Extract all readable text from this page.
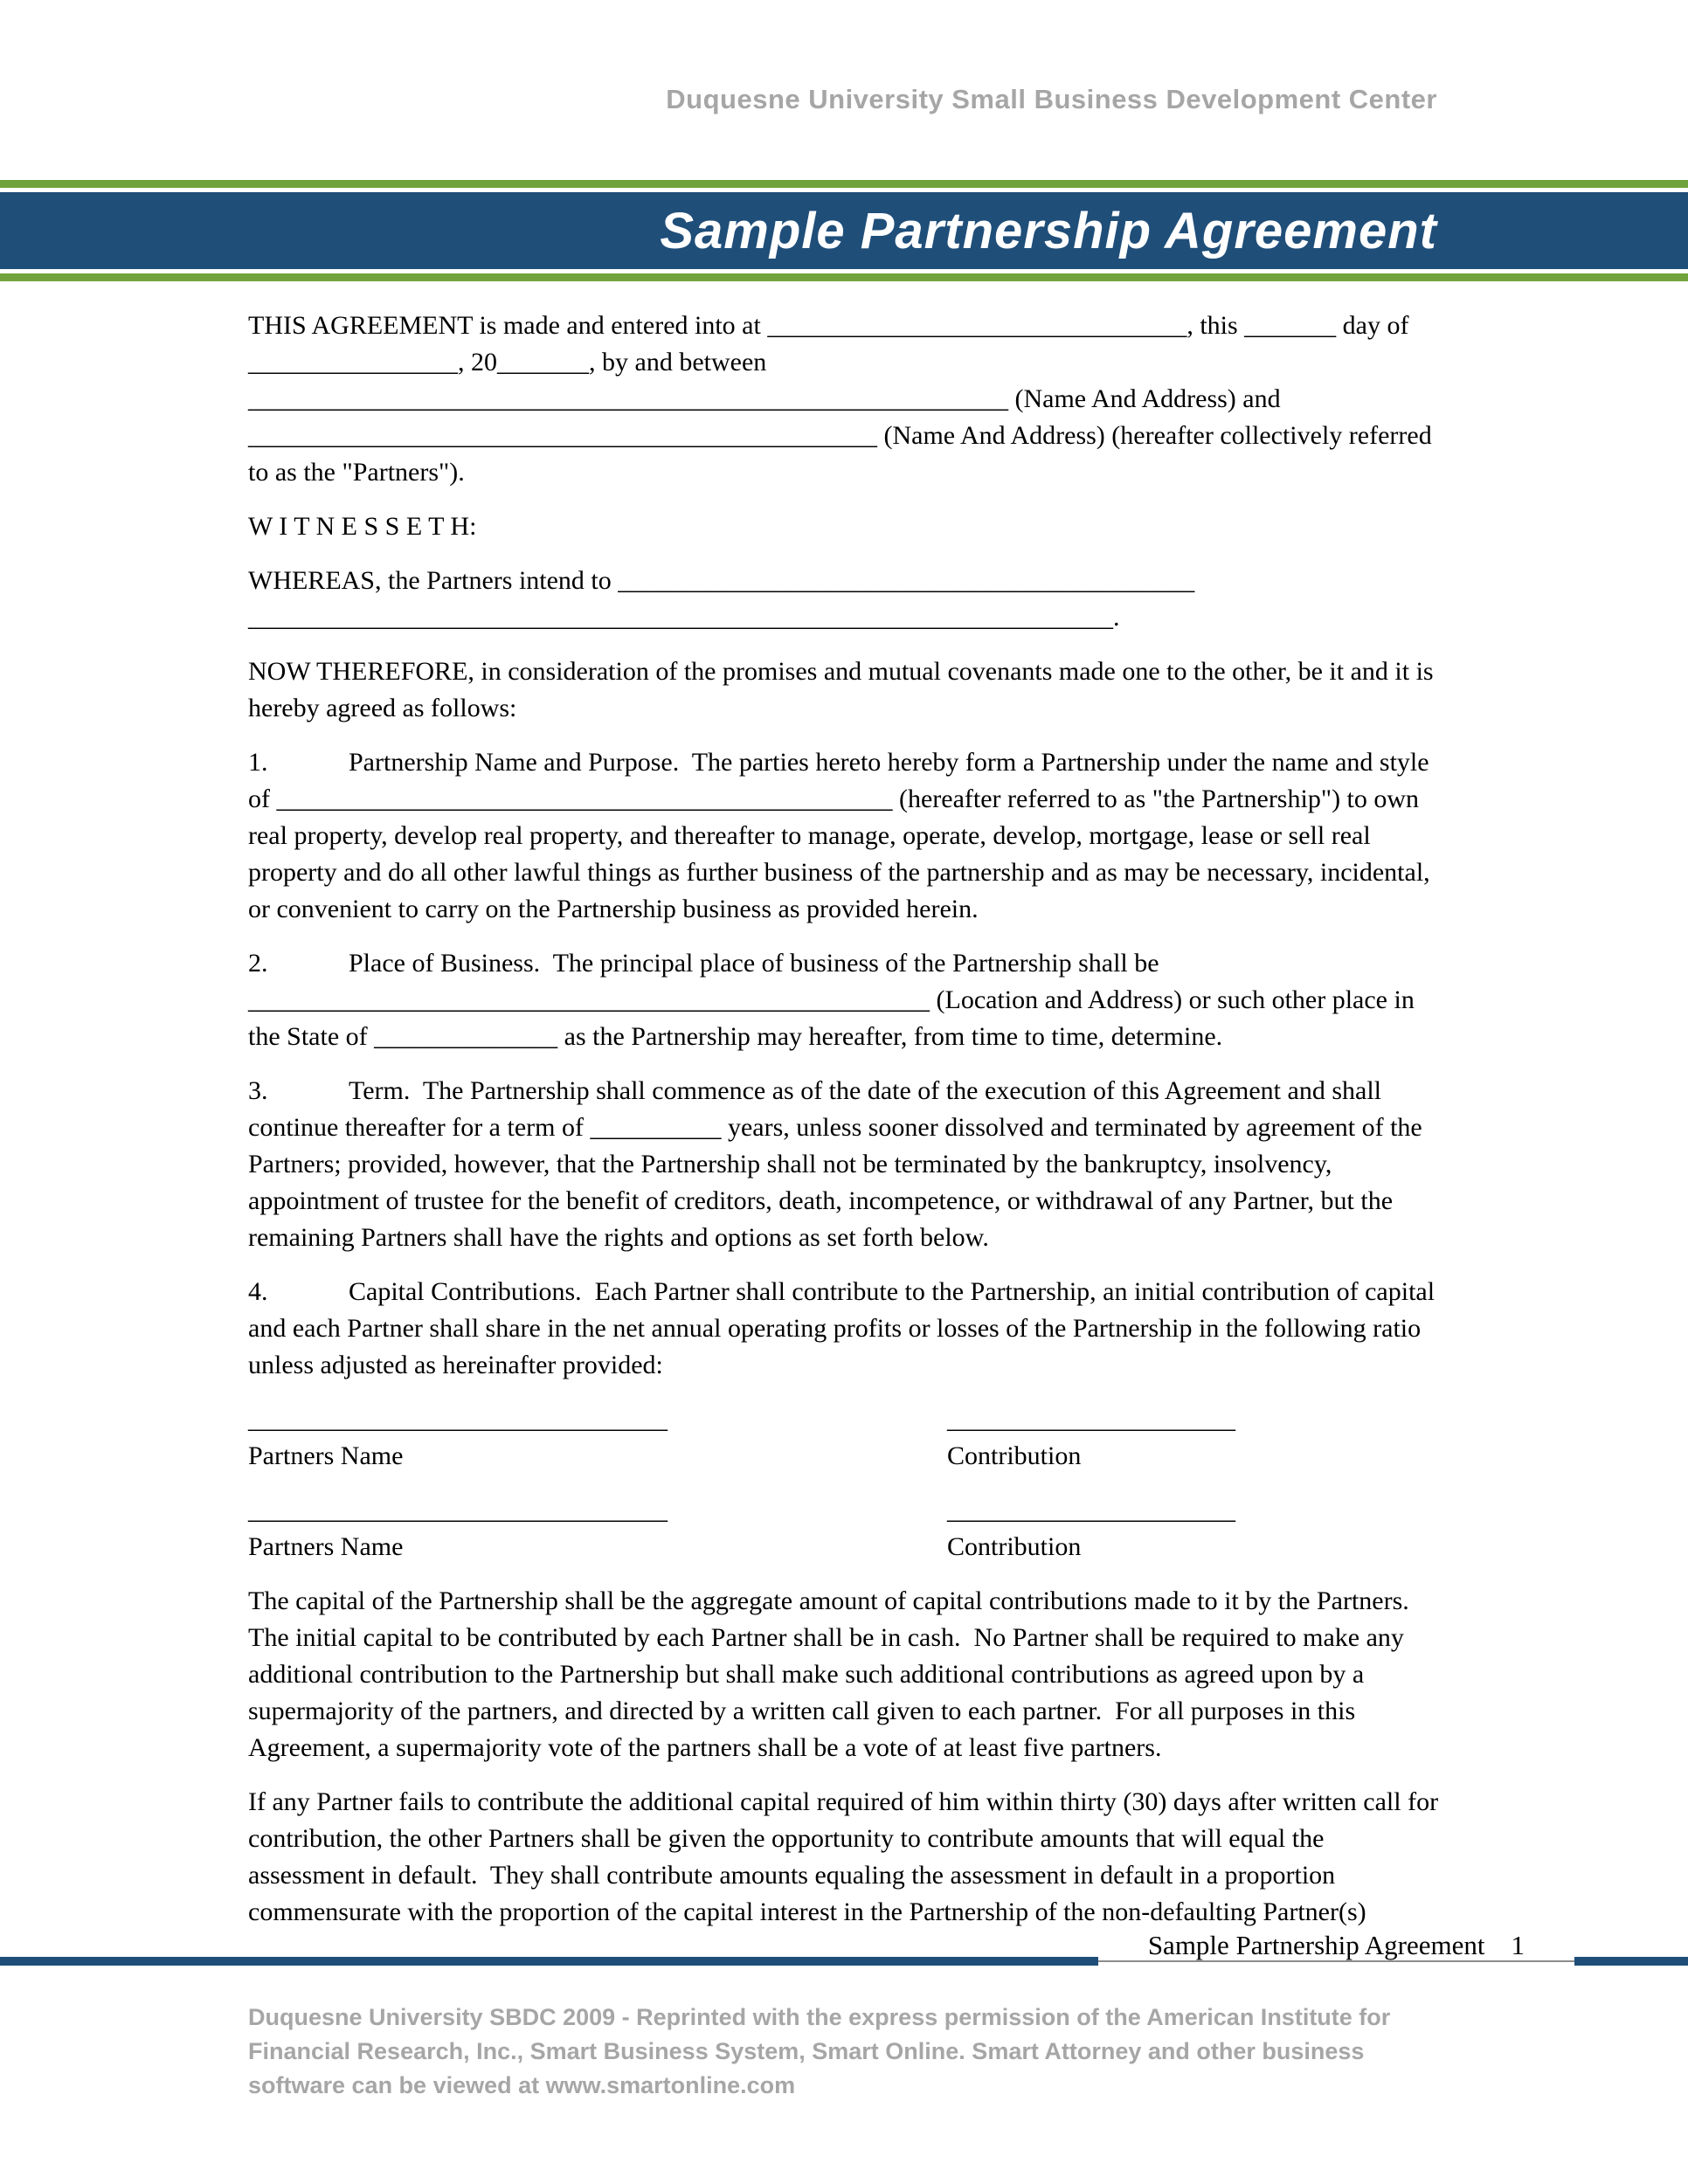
Duquesne University Small Business Development Center
Sample Partnership Agreement

THIS AGREEMENT is made and entered into at ________________________________, this _______ day of ________________, 20_______, by and between __________________________________________________________ (Name And Address) and ________________________________________________ (Name And Address) (hereafter collectively referred to as the "Partners").

W I T N E S S E T H:

WHEREAS, the Partners intend to ____________________________________________ __________________________________________________________________.

NOW THEREFORE, in consideration of the promises and mutual covenants made one to the other, be it and it is hereby agreed as follows:

1.	Partnership Name and Purpose.  The parties hereto hereby form a Partnership under the name and style of _______________________________________________ (hereafter referred to as "the Partnership") to own real property, develop real property, and thereafter to manage, operate, develop, mortgage, lease or sell real property and do all other lawful things as further business of the partnership and as may be necessary, incidental, or convenient to carry on the Partnership business as provided herein.

2.	Place of Business.  The principal place of business of the Partnership shall be ____________________________________________________ (Location and Address) or such other place in the State of ______________ as the Partnership may hereafter, from time to time, determine.

3.	Term.  The Partnership shall commence as of the date of the execution of this Agreement and shall continue thereafter for a term of __________ years, unless sooner dissolved and terminated by agreement of the Partners; provided, however, that the Partnership shall not be terminated by the bankruptcy, insolvency, appointment of trustee for the benefit of creditors, death, incompetence, or withdrawal of any Partner, but the remaining Partners shall have the rights and options as set forth below.

4.	Capital Contributions.  Each Partner shall contribute to the Partnership, an initial contribution of capital and each Partner shall share in the net annual operating profits or losses of the Partnership in the following ratio unless adjusted as hereinafter provided:

________________________________
Partners Name
______________________
Contribution
________________________________
Partners Name
______________________
Contribution

The capital of the Partnership shall be the aggregate amount of capital contributions made to it by the Partners.  The initial capital to be contributed by each Partner shall be in cash.  No Partner shall be required to make any additional contribution to the Partnership but shall make such additional contributions as agreed upon by a supermajority of the partners, and directed by a written call given to each partner.  For all purposes in this Agreement, a supermajority vote of the partners shall be a vote of at least five partners.

If any Partner fails to contribute the additional capital required of him within thirty (30) days after written call for contribution, the other Partners shall be given the opportunity to contribute amounts that will equal the assessment in default.  They shall contribute amounts equaling the assessment in default in a proportion commensurate with the proportion of the capital interest in the Partnership of the non-defaulting Partner(s)

Sample Partnership Agreement 1
Duquesne University SBDC 2009 - Reprinted with the express permission of the American Institute for Financial Research, Inc., Smart Business System, Smart Online. Smart Attorney and other business software can be viewed at www.smartonline.com
